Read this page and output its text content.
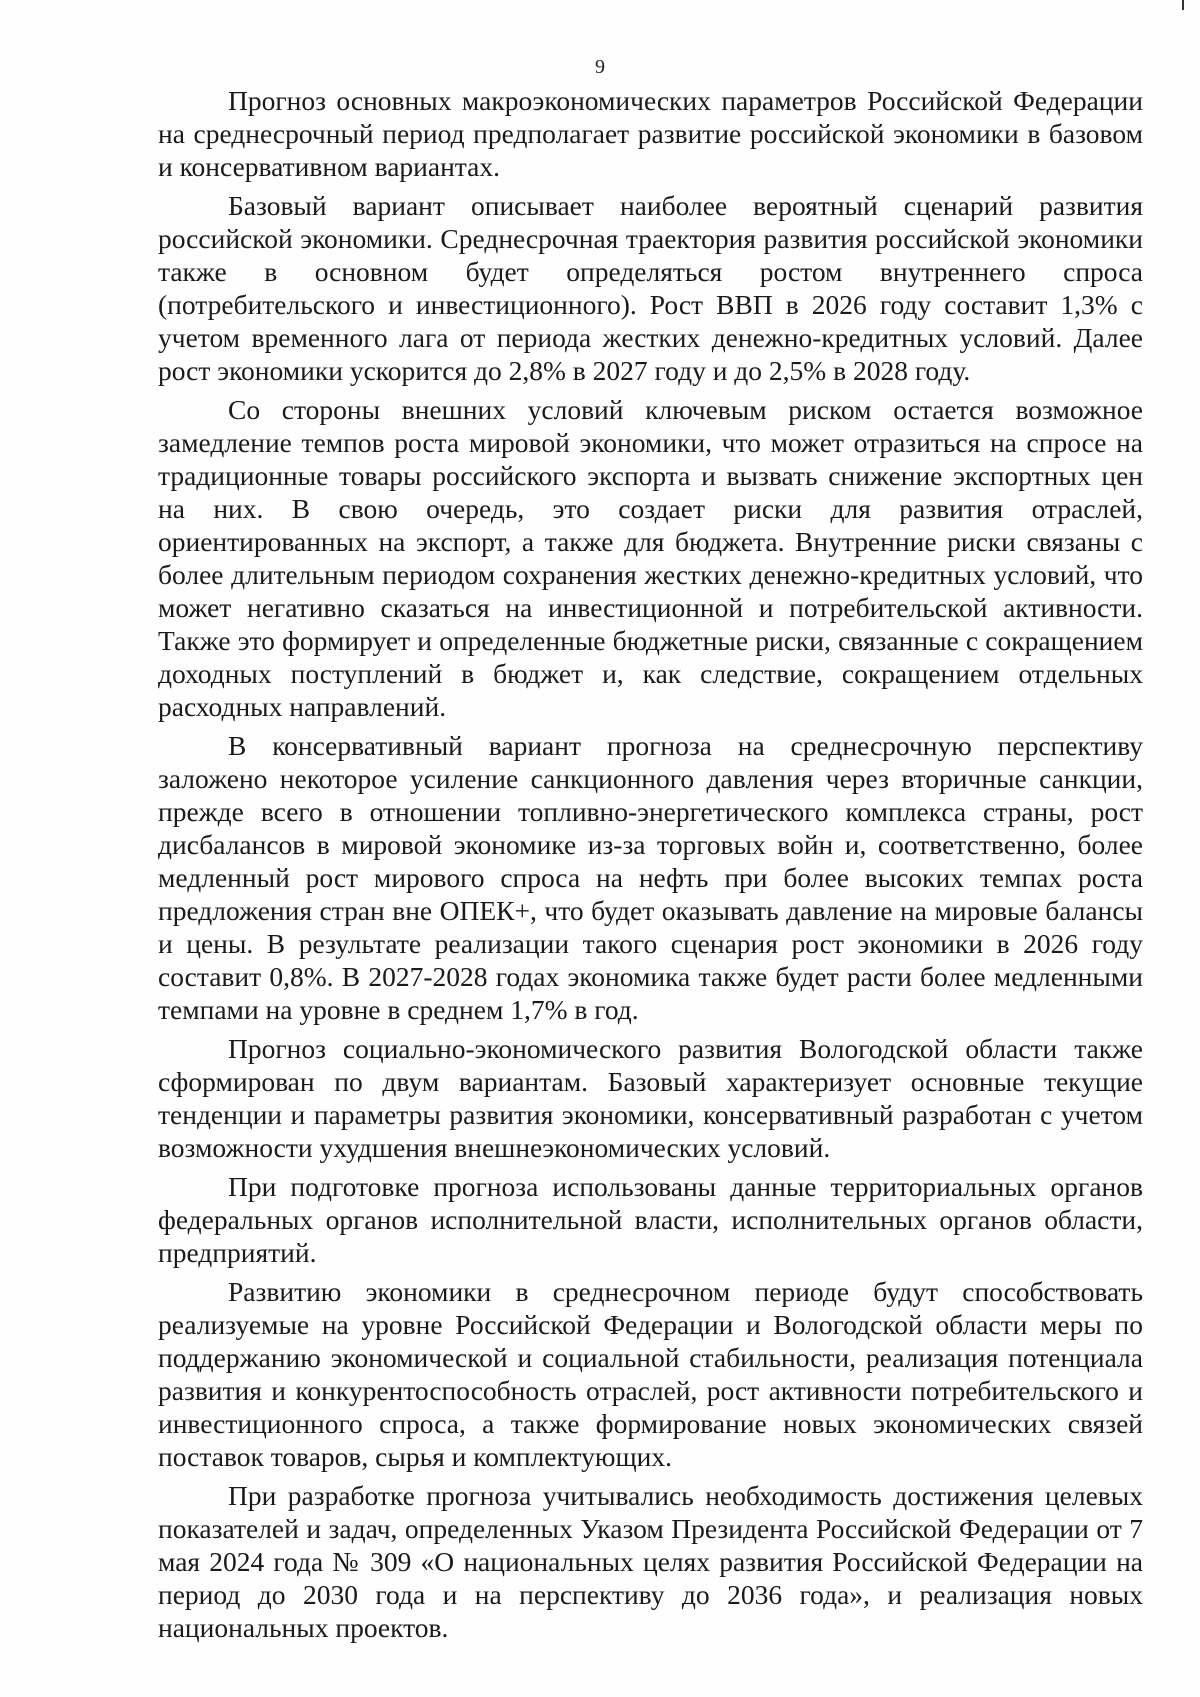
9

Прогноз основных макроэкономических параметров Российской Федерации на среднесрочный период предполагает развитие российской экономики в базовом и консервативном вариантах.

Базовый вариант описывает наиболее вероятный сценарий развития российской экономики. Среднесрочная траектория развития российской экономики также в основном будет определяться ростом внутреннего спроса (потребительского и инвестиционного). Рост ВВП в 2026 году составит 1,3% с учетом временного лага от периода жестких денежно-кредитных условий. Далее рост экономики ускорится до 2,8% в 2027 году и до 2,5% в 2028 году.

Со стороны внешних условий ключевым риском остается возможное замедление темпов роста мировой экономики, что может отразиться на спросе на традиционные товары российского экспорта и вызвать снижение экспортных цен на них. В свою очередь, это создает риски для развития отраслей, ориентированных на экспорт, а также для бюджета. Внутренние риски связаны с более длительным периодом сохранения жестких денежно-кредитных условий, что может негативно сказаться на инвестиционной и потребительской активности. Также это формирует и определенные бюджетные риски, связанные с сокращением доходных поступлений в бюджет и, как следствие, сокращением отдельных расходных направлений.

В консервативный вариант прогноза на среднесрочную перспективу заложено некоторое усиление санкционного давления через вторичные санкции, прежде всего в отношении топливно-энергетического комплекса страны, рост дисбалансов в мировой экономике из-за торговых войн и, соответственно, более медленный рост мирового спроса на нефть при более высоких темпах роста предложения стран вне ОПЕК+, что будет оказывать давление на мировые балансы и цены. В результате реализации такого сценария рост экономики в 2026 году составит 0,8%. В 2027-2028 годах экономика также будет расти более медленными темпами на уровне в среднем 1,7% в год.

Прогноз социально-экономического развития Вологодской области также сформирован по двум вариантам. Базовый характеризует основные текущие тенденции и параметры развития экономики, консервативный разработан с учетом возможности ухудшения внешнеэкономических условий.

При подготовке прогноза использованы данные территориальных органов федеральных органов исполнительной власти, исполнительных органов области, предприятий.

Развитию экономики в среднесрочном периоде будут способствовать реализуемые на уровне Российской Федерации и Вологодской области меры по поддержанию экономической и социальной стабильности, реализация потенциала развития и конкурентоспособность отраслей, рост активности потребительского и инвестиционного спроса, а также формирование новых экономических связей поставок товаров, сырья и комплектующих.

При разработке прогноза учитывались необходимость достижения целевых показателей и задач, определенных Указом Президента Российской Федерации от 7 мая 2024 года № 309 «О национальных целях развития Российской Федерации на период до 2030 года и на перспективу до 2036 года», и реализация новых национальных проектов.
